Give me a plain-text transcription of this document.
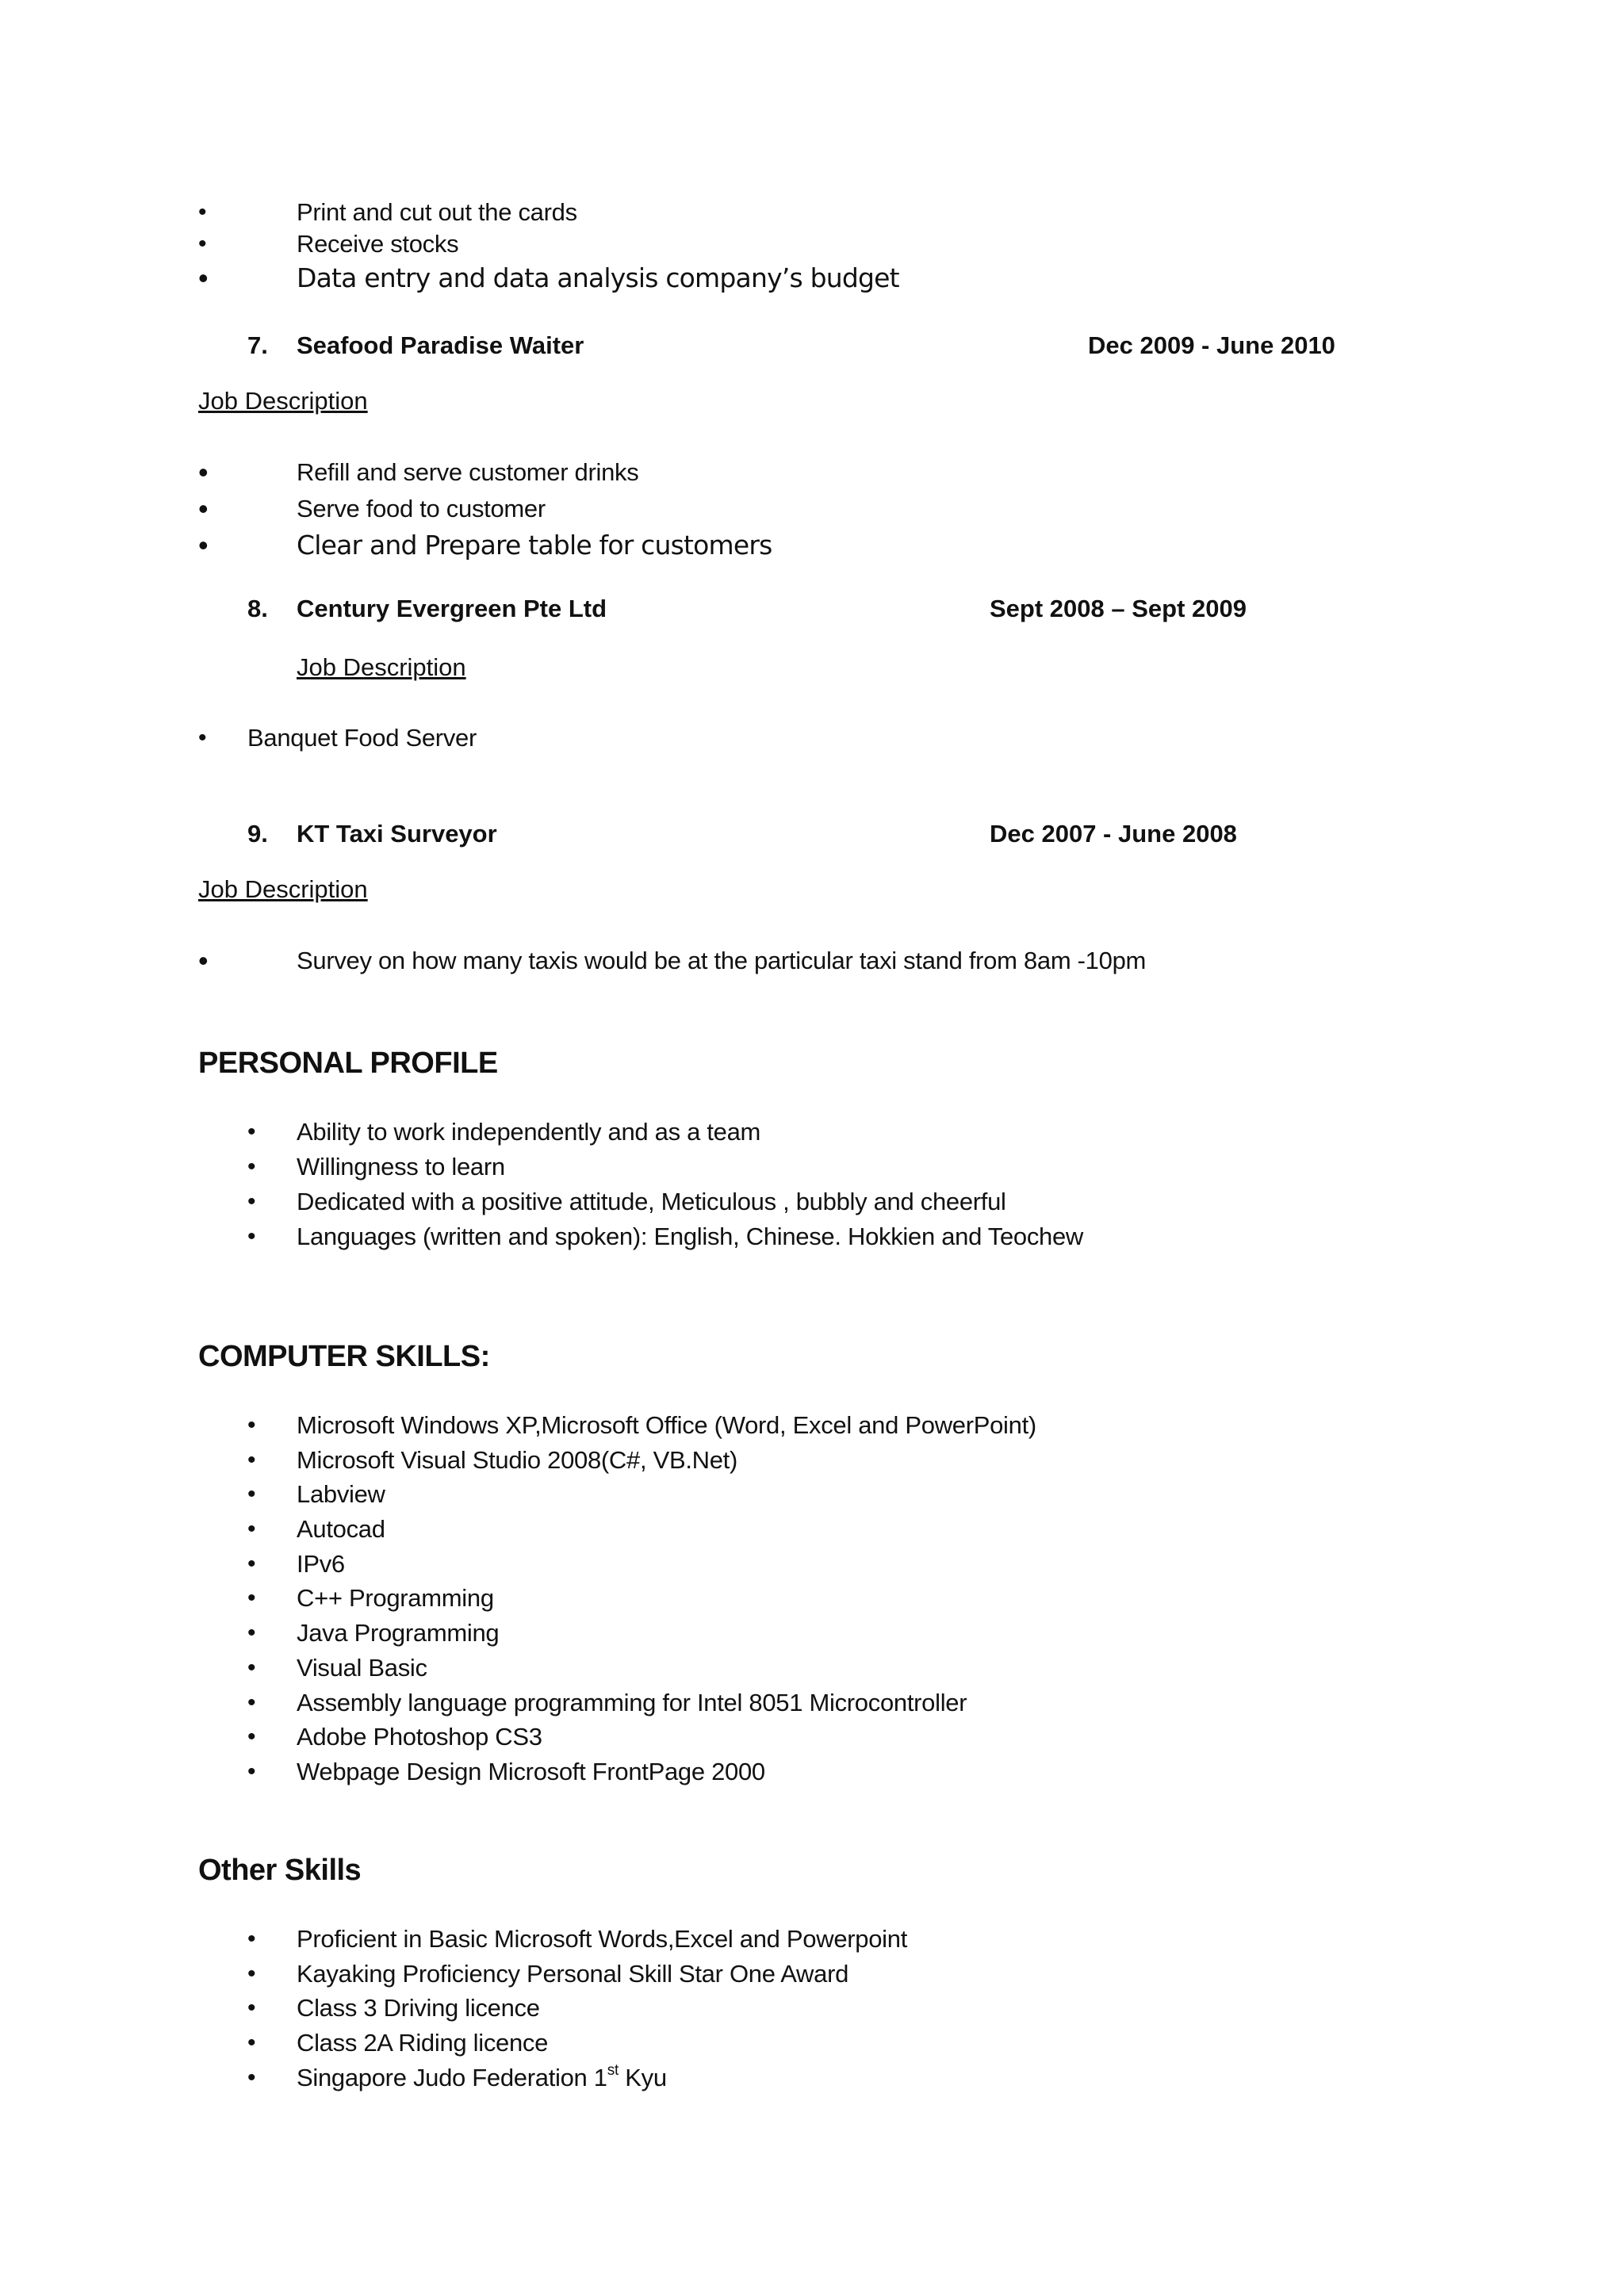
•	Print and cut out the cards
•	Receive stocks
•	Data entry and data analysis company’s budget
7. Seafood Paradise Waiter	Dec 2009 - June 2010
Job Description
•	Refill and serve customer drinks
•	Serve food to customer
•	Clear and Prepare table for customers
8. Century Evergreen Pte Ltd	Sept 2008 – Sept 2009
Job Description
• Banquet Food Server
9. KT Taxi Surveyor	Dec 2007 - June 2008
Job Description
•	Survey on how many taxis would be at the particular taxi stand from 8am -10pm
PERSONAL PROFILE
• Ability to work independently and as a team
• Willingness to learn
• Dedicated with a positive attitude, Meticulous , bubbly and cheerful
• Languages (written and spoken): English, Chinese. Hokkien and Teochew
COMPUTER SKILLS:
• Microsoft Windows XP,Microsoft Office (Word, Excel and PowerPoint)
• Microsoft Visual Studio 2008(C#, VB.Net)
• Labview
• Autocad
• IPv6
• C++ Programming
• Java Programming
• Visual Basic
• Assembly language programming for Intel 8051 Microcontroller
• Adobe Photoshop CS3
• Webpage Design Microsoft FrontPage 2000
Other Skills
• Proficient in Basic Microsoft Words,Excel and Powerpoint
• Kayaking Proficiency Personal Skill Star One Award
• Class 3 Driving licence
• Class 2A Riding licence
• Singapore Judo Federation 1st Kyu
